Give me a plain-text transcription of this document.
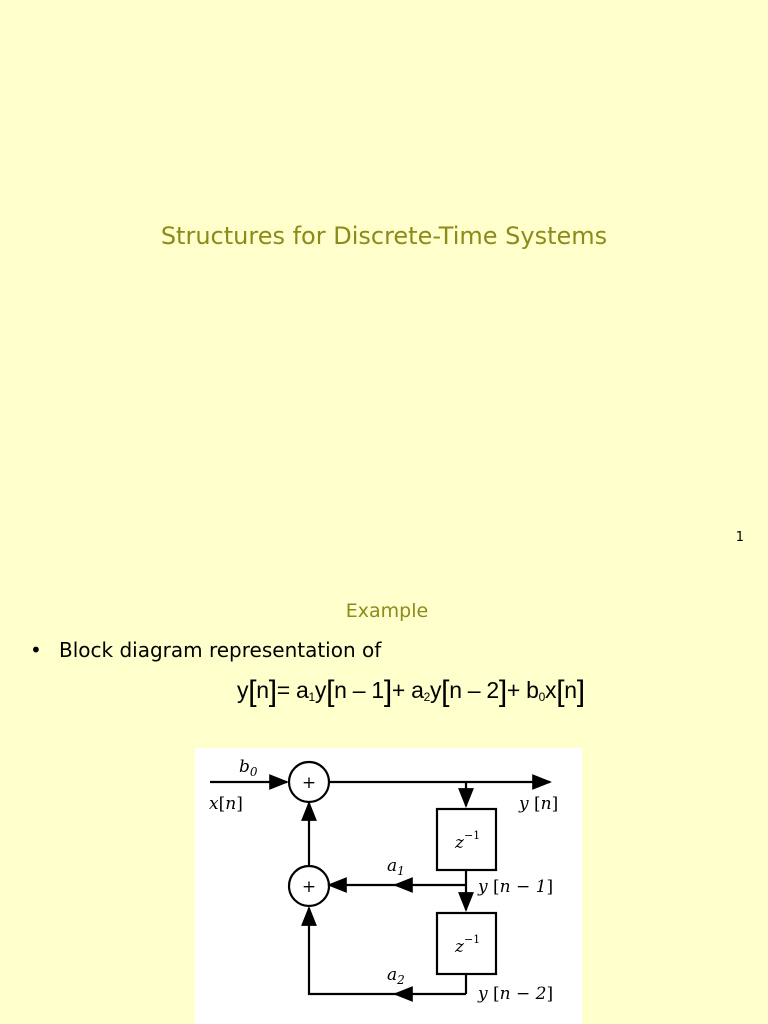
Structures for Discrete-Time Systems
1
Example
• Block diagram representation of
$y[n]= a_1y[n - 1]+ a_2y[n - 2]+ b_0x[n]$
+
+
$b_0$
x[n]	y [n]
$z^{-1}$
$z^{-1}$
$a_1$
$a_2$
y [n − 1]
y [n − 2]
